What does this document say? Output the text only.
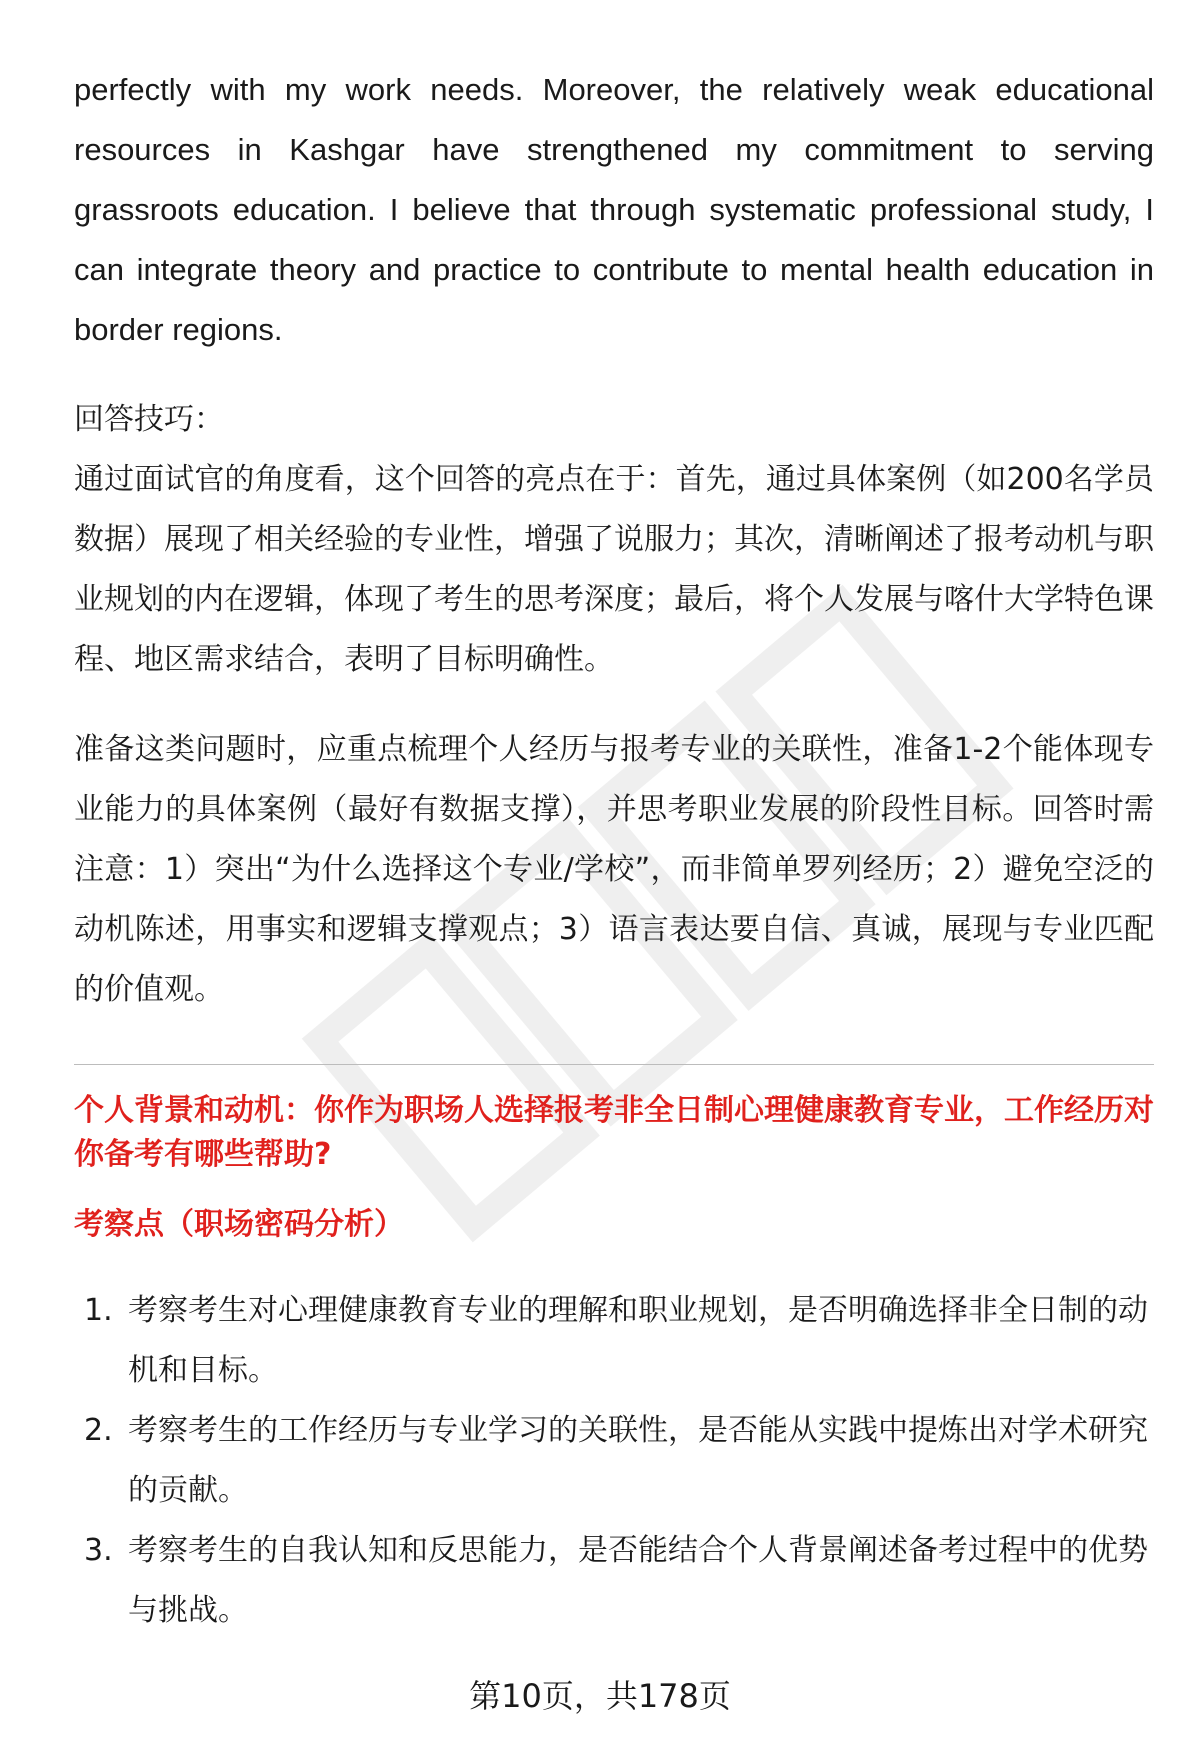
perfectly with my work needs. Moreover, the relatively weak educational resources in Kashgar have strengthened my commitment to serving grassroots education. I believe that through systematic professional study, I can integrate theory and practice to contribute to mental health education in border regions.

回答技巧：

通过面试官的角度看，这个回答的亮点在于：首先，通过具体案例（如200名学员数据）展现了相关经验的专业性，增强了说服力；其次，清晰阐述了报考动机与职业规划的内在逻辑，体现了考生的思考深度；最后，将个人发展与喀什大学特色课程、地区需求结合，表明了目标明确性。

准备这类问题时，应重点梳理个人经历与报考专业的关联性，准备1-2个能体现专业能力的具体案例（最好有数据支撑），并思考职业发展的阶段性目标。回答时需注意：1）突出“为什么选择这个专业/学校”，而非简单罗列经历；2）避免空泛的动机陈述，用事实和逻辑支撑观点；3）语言表达要自信、真诚，展现与专业匹配的价值观。

个人背景和动机：你作为职场人选择报考非全日制心理健康教育专业，工作经历对你备考有哪些帮助?

考察点（职场密码分析）

1. 考察考生对心理健康教育专业的理解和职业规划，是否明确选择非全日制的动机和目标。
2. 考察考生的工作经历与专业学习的关联性，是否能从实践中提炼出对学术研究的贡献。
3. 考察考生的自我认知和反思能力，是否能结合个人背景阐述备考过程中的优势与挑战。
第10页，共178页
